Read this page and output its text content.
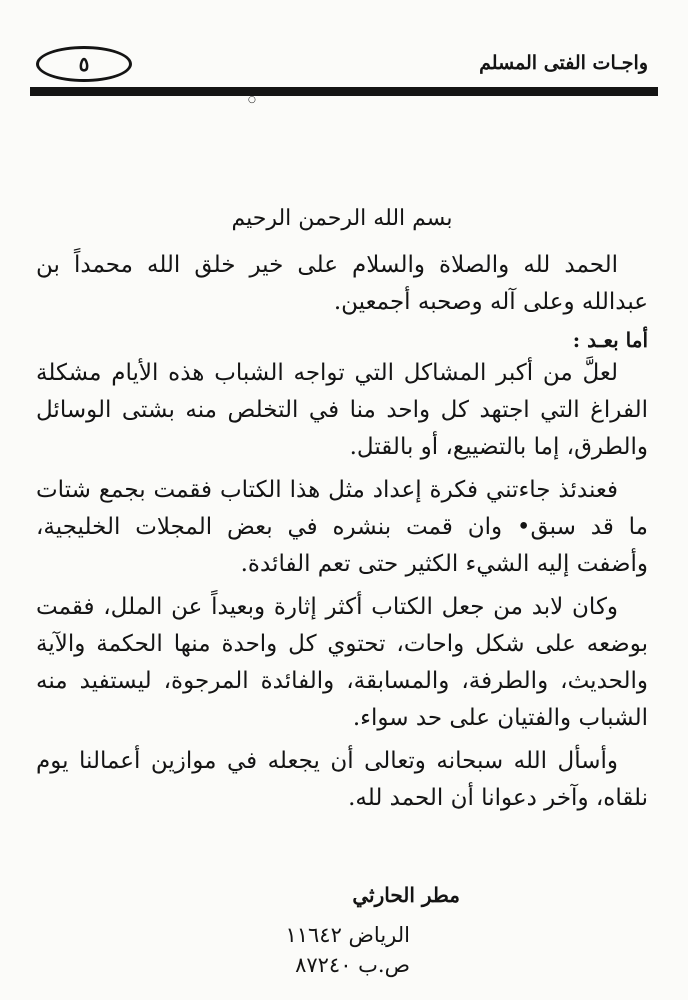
٥	واجـات الفتى المسلم
○

بسم الله الرحمن الرحيم

الحمد لله والصلاة والسلام على خير خلق الله محمداً بن عبدالله وعلى آله وصحبه أجمعين.

أما بعـد :

لعلَّ من أكبر المشاكل التي تواجه الشباب هذه الأيام مشكلة الفراغ التي اجتهد كل واحد منا في التخلص منه بشتى الوسائل والطرق، إما بالتضييع، أو بالقتل.

فعندئذ جاءتني فكرة إعداد مثل هذا الكتاب فقمت بجمع شتات ما قد سبق• وان قمت بنشره في بعض المجلات الخليجية، وأضفت إليه الشيء الكثير حتى تعم الفائدة.

وكان لابد من جعل الكتاب أكثر إثارة وبعيداً عن الملل، فقمت بوضعه على شكل واحات، تحتوي كل واحدة منها الحكمة والآية والحديث، والطرفة، والمسابقة، والفائدة المرجوة، ليستفيد منه الشباب والفتيان على حد سواء.

وأسأل الله سبحانه وتعالى أن يجعله في موازين أعمالنا يوم نلقاه، وآخر دعوانا أن الحمد لله.

مطر الحارثي
الرياض ١١٦٤٢
ص.ب ٨٧٢٤٠
